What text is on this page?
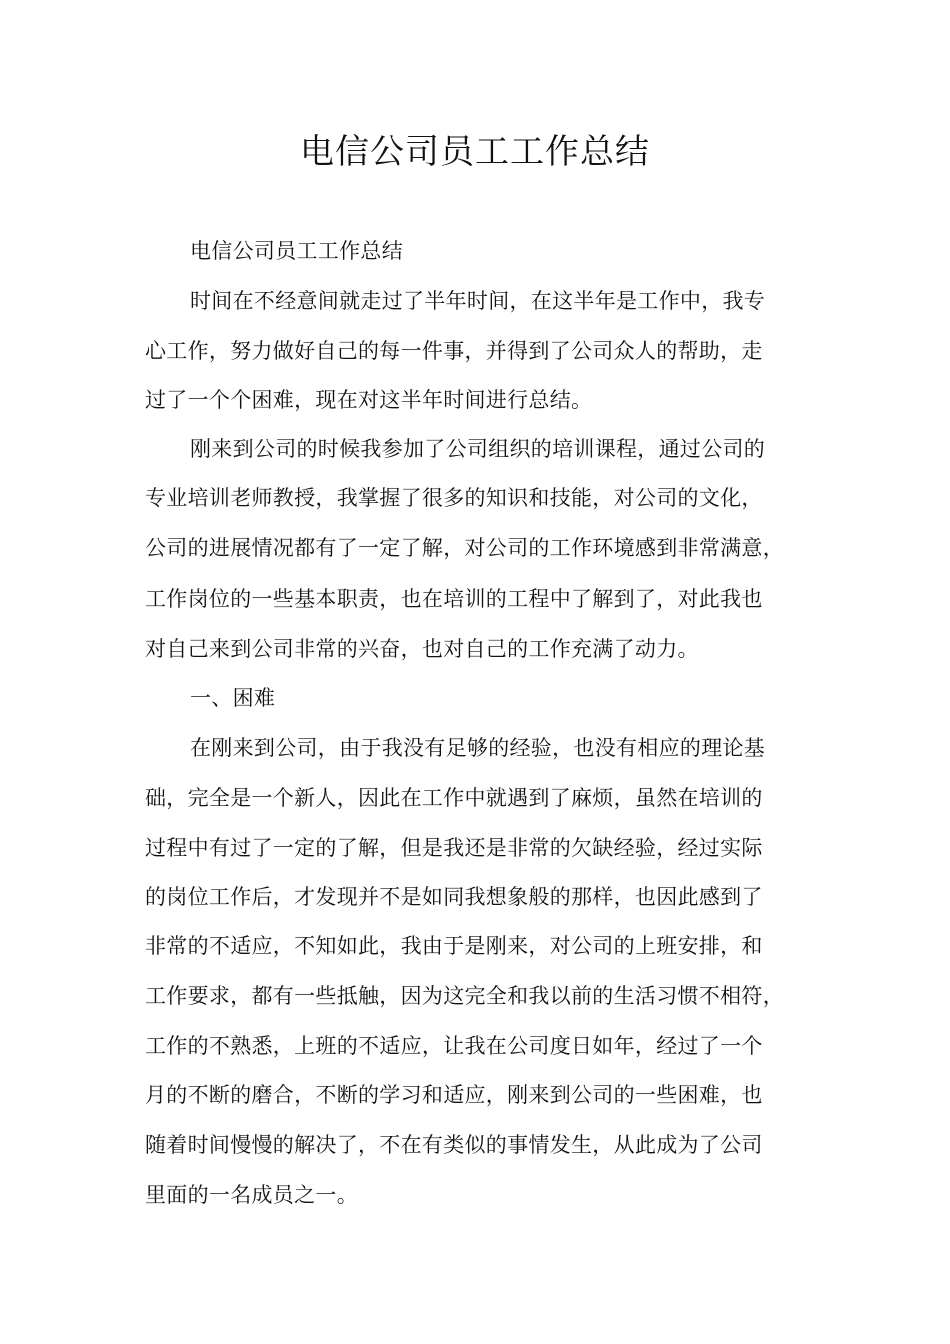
电信公司员工工作总结
电信公司员工工作总结
时间在不经意间就走过了半年时间，在这半年是工作中，我专
心工作，努力做好自己的每一件事，并得到了公司众人的帮助，走
过了一个个困难，现在对这半年时间进行总结。
刚来到公司的时候我参加了公司组织的培训课程，通过公司的
专业培训老师教授，我掌握了很多的知识和技能，对公司的文化，
公司的进展情况都有了一定了解，对公司的工作环境感到非常满意，
工作岗位的一些基本职责，也在培训的工程中了解到了，对此我也
对自己来到公司非常的兴奋，也对自己的工作充满了动力。
一、困难
在刚来到公司，由于我没有足够的经验，也没有相应的理论基
础，完全是一个新人，因此在工作中就遇到了麻烦，虽然在培训的
过程中有过了一定的了解，但是我还是非常的欠缺经验，经过实际
的岗位工作后，才发现并不是如同我想象般的那样，也因此感到了
非常的不适应，不知如此，我由于是刚来，对公司的上班安排，和
工作要求，都有一些抵触，因为这完全和我以前的生活习惯不相符，
工作的不熟悉，上班的不适应，让我在公司度日如年，经过了一个
月的不断的磨合，不断的学习和适应，刚来到公司的一些困难，也
随着时间慢慢的解决了，不在有类似的事情发生，从此成为了公司
里面的一名成员之一。
